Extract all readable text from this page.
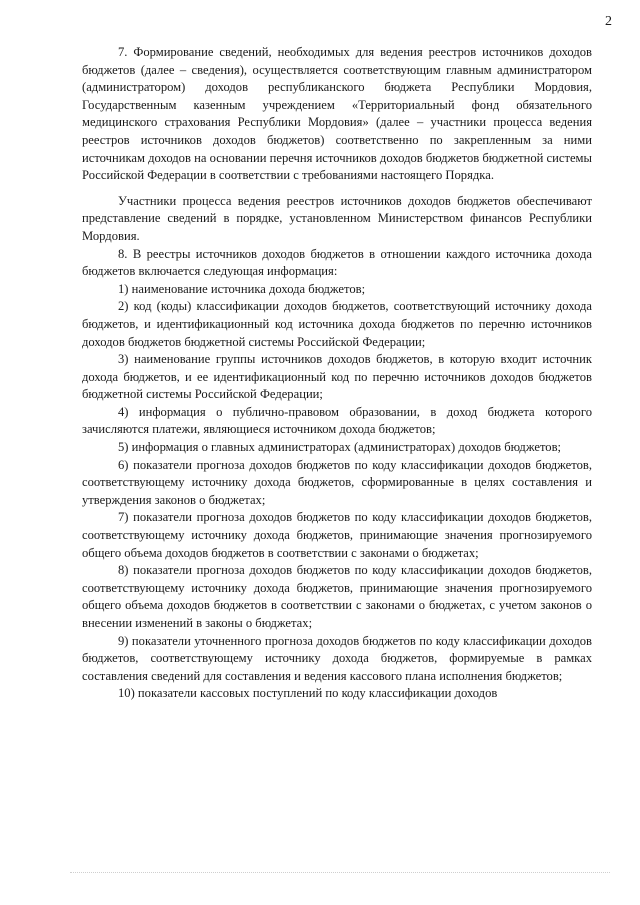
2

7. Формирование сведений, необходимых для ведения реестров источников доходов бюджетов (далее – сведения), осуществляется соответствующим главным администратором (администратором) доходов республиканского бюджета Республики Мордовия, Государственным казенным учреждением «Территориальный фонд обязательного медицинского страхования Республики Мордовия» (далее – участники процесса ведения реестров источников доходов бюджетов) соответственно по закрепленным за ними источникам доходов на основании перечня источников доходов бюджетов бюджетной системы Российской Федерации в соответствии с требованиями настоящего Порядка.

Участники процесса ведения реестров источников доходов бюджетов обеспечивают представление сведений в порядке, установленном Министерством финансов Республики Мордовия.

8. В реестры источников доходов бюджетов в отношении каждого источника дохода бюджетов включается следующая информация:

1) наименование источника дохода бюджетов;

2) код (коды) классификации доходов бюджетов, соответствующий источнику дохода бюджетов, и идентификационный код источника дохода бюджетов по перечню источников доходов бюджетов бюджетной системы Российской Федерации;

3) наименование группы источников доходов бюджетов, в которую входит источник дохода бюджетов, и ее идентификационный код по перечню источников доходов бюджетов бюджетной системы Российской Федерации;

4) информация о публично-правовом образовании, в доход бюджета которого зачисляются платежи, являющиеся источником дохода бюджетов;

5) информация о главных администраторах (администраторах) доходов бюджетов;

6) показатели прогноза доходов бюджетов по коду классификации доходов бюджетов, соответствующему источнику дохода бюджетов, сформированные в целях составления и утверждения законов о бюджетах;

7) показатели прогноза доходов бюджетов по коду классификации доходов бюджетов, соответствующему источнику дохода бюджетов, принимающие значения прогнозируемого общего объема доходов бюджетов в соответствии с законами о бюджетах;

8) показатели прогноза доходов бюджетов по коду классификации доходов бюджетов, соответствующему источнику дохода бюджетов, принимающие значения прогнозируемого общего объема доходов бюджетов в соответствии с законами о бюджетах, с учетом законов о внесении изменений в законы о бюджетах;

9) показатели уточненного прогноза доходов бюджетов по коду классификации доходов бюджетов, соответствующему источнику дохода бюджетов, формируемые в рамках составления сведений для составления и ведения кассового плана исполнения бюджетов;

10) показатели кассовых поступлений по коду классификации доходов
